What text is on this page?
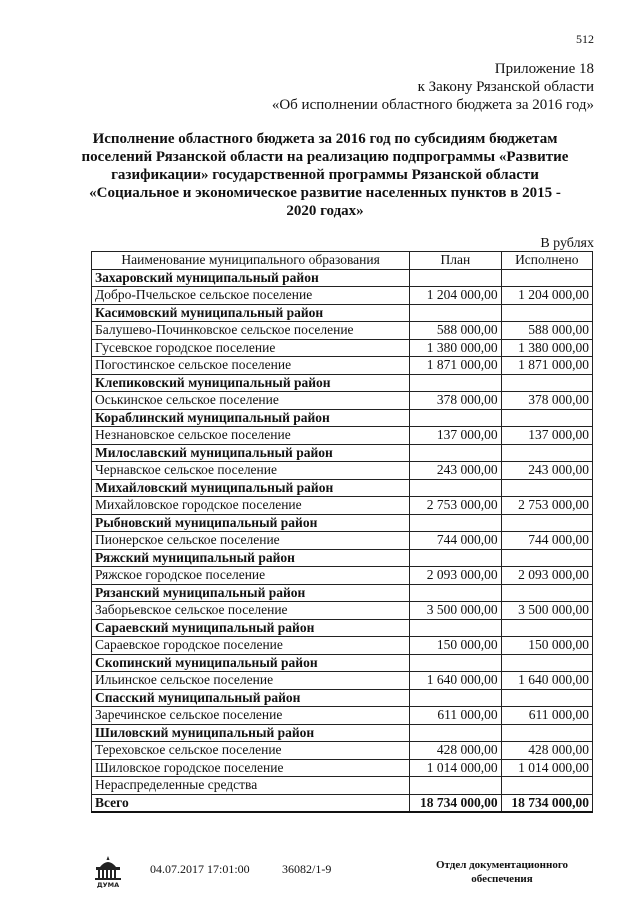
512
Приложение 18
к Закону Рязанской области
«Об исполнении областного бюджета за 2016 год»
Исполнение областного бюджета за 2016 год по субсидиям бюджетам поселений Рязанской области на реализацию подпрограммы «Развитие газификации» государственной программы Рязанской области «Социальное и экономическое развитие населенных пунктов в 2015 - 2020 годах»
В рублях
Наименование муниципального образования	План	Исполнено
Захаровский муниципальный район		
Добро-Пчельское сельское поселение	1 204 000,00	1 204 000,00
Касимовский муниципальный район		
Балушево-Починковское сельское поселение	588 000,00	588 000,00
Гусевское городское поселение	1 380 000,00	1 380 000,00
Погостинское сельское поселение	1 871 000,00	1 871 000,00
Клепиковский муниципальный район		
Оськинское сельское поселение	378 000,00	378 000,00
Кораблинский муниципальный район		
Незнановское сельское поселение	137 000,00	137 000,00
Милославский муниципальный район		
Чернавское сельское поселение	243 000,00	243 000,00
Михайловский муниципальный район		
Михайловское городское поселение	2 753 000,00	2 753 000,00
Рыбновский муниципальный район		
Пионерское сельское поселение	744 000,00	744 000,00
Ряжский муниципальный район		
Ряжское городское поселение	2 093 000,00	2 093 000,00
Рязанский муниципальный район		
Заборьевское сельское поселение	3 500 000,00	3 500 000,00
Сараевский муниципальный район		
Сараевское городское поселение	150 000,00	150 000,00
Скопинский муниципальный район		
Ильинское сельское поселение	1 640 000,00	1 640 000,00
Спасский муниципальный район		
Заречинское сельское поселение	611 000,00	611 000,00
Шиловский муниципальный район		
Тереховское сельское поселение	428 000,00	428 000,00
Шиловское городское поселение	1 014 000,00	1 014 000,00
Нераспределенные средства		
Всего	18 734 000,00	18 734 000,00
ДУМА
04.07.2017 17:01:00	36082/1-9	Отдел документационного обеспечения
